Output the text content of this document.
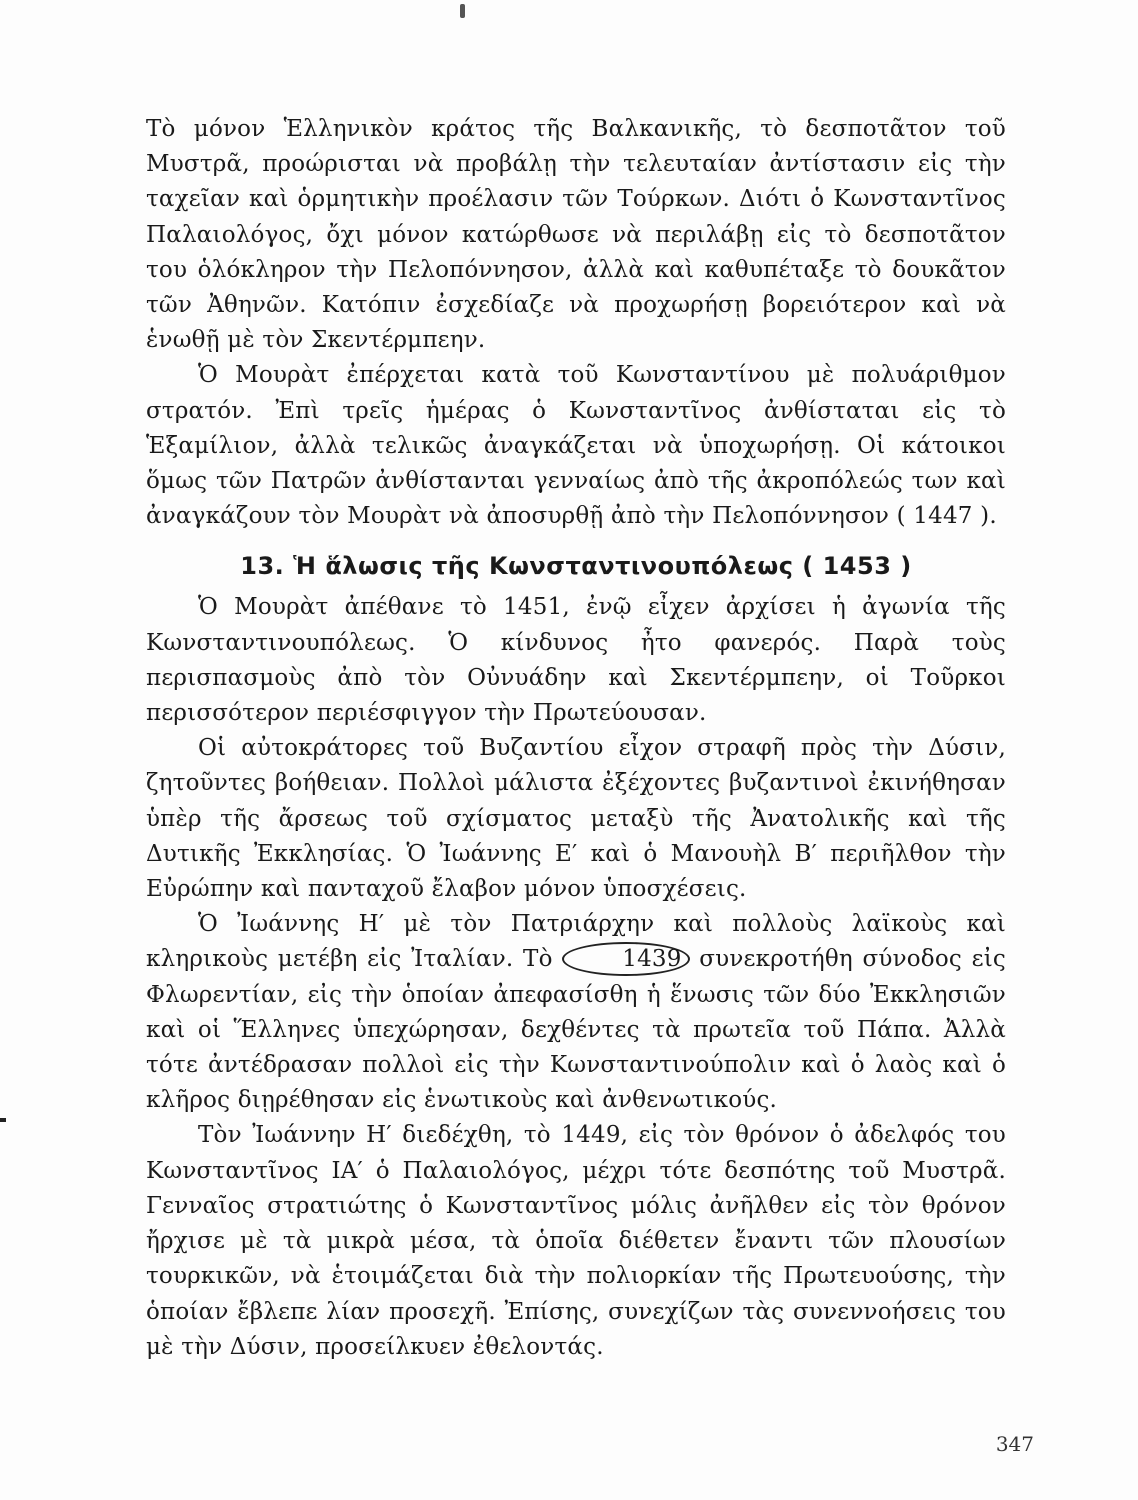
Τὸ μόνον Ἑλληνικὸν κράτος τῆς Βαλκανικῆς, τὸ δεσποτᾶτον τοῦ Μυστρᾶ, προώρισται νὰ προβάλῃ τὴν τελευταίαν ἀντίστασιν εἰς τὴν ταχεῖαν καὶ ὁρμητικὴν προέλασιν τῶν Τούρκων. Διότι ὁ Κωνσταντῖνος Παλαιολόγος, ὄχι μόνον κατώρθωσε νὰ περιλάβῃ εἰς τὸ δεσποτᾶτον του ὁλόκληρον τὴν Πελοπόννησον, ἀλλὰ καὶ καθυπέταξε τὸ δουκᾶτον τῶν Ἀθηνῶν. Κατόπιν ἐσχεδίαζε νὰ προχωρήσῃ βορειότερον καὶ νὰ ἑνωθῇ μὲ τὸν Σκεντέρμπεην.

Ὁ Μουρὰτ ἐπέρχεται κατὰ τοῦ Κωνσταντίνου μὲ πολυάριθμον στρατόν. Ἐπὶ τρεῖς ἡμέρας ὁ Κωνσταντῖνος ἀνθίσταται εἰς τὸ Ἑξαμίλιον, ἀλλὰ τελικῶς ἀναγκάζεται νὰ ὑποχωρήσῃ. Οἱ κάτοικοι ὅμως τῶν Πατρῶν ἀνθίστανται γενναίως ἀπὸ τῆς ἀκροπόλεώς των καὶ ἀναγκάζουν τὸν Μουρὰτ νὰ ἀποσυρθῇ ἀπὸ τὴν Πελοπόννησον ( 1447 ).

13. Ἡ ἅλωσις τῆς Κωνσταντινουπόλεως ( 1453 )

Ὁ Μουρὰτ ἀπέθανε τὸ 1451, ἐνῷ εἶχεν ἀρχίσει ἡ ἀγωνία τῆς Κωνσταντινουπόλεως. Ὁ κίνδυνος ἦτο φανερός. Παρὰ τοὺς περισπασμοὺς ἀπὸ τὸν Οὐνυάδην καὶ Σκεντέρμπεην, οἱ Τοῦρκοι περισσότερον περιέσφιγγον τὴν Πρωτεύουσαν.

Οἱ αὐτοκράτορες τοῦ Βυζαντίου εἶχον στραφῆ πρὸς τὴν Δύσιν, ζητοῦντες βοήθειαν. Πολλοὶ μάλιστα ἐξέχοντες βυζαντινοὶ ἐκινήθησαν ὑπὲρ τῆς ἄρσεως τοῦ σχίσματος μεταξὺ τῆς Ἀνατολικῆς καὶ τῆς Δυτικῆς Ἐκκλησίας. Ὁ Ἰωάννης Ε′ καὶ ὁ Μανουὴλ Β′ περιῆλθον τὴν Εὐρώπην καὶ πανταχοῦ ἔλαβον μόνον ὑποσχέσεις.

Ὁ Ἰωάννης Η′ μὲ τὸν Πατριάρχην καὶ πολλοὺς λαϊκοὺς καὶ κληρικοὺς μετέβη εἰς Ἰταλίαν. Τὸ	1439 συνεκροτήθη σύνοδος εἰς Φλωρεντίαν, εἰς τὴν ὁποίαν ἀπεφασίσθη ἡ ἕνωσις τῶν δύο Ἐκκλησιῶν καὶ οἱ Ἕλληνες ὑπεχώρησαν, δεχθέντες τὰ πρωτεῖα τοῦ Πάπα. Ἀλλὰ τότε ἀντέδρασαν πολλοὶ εἰς τὴν Κωνσταντινούπολιν καὶ ὁ λαὸς καὶ ὁ κλῆρος διῃρέθησαν εἰς ἑνωτικοὺς καὶ ἀνθενωτικούς.

Τὸν Ἰωάννην Η′ διεδέχθη, τὸ 1449, εἰς τὸν θρόνον ὁ ἀδελφός του Κωνσταντῖνος ΙΑ′ ὁ Παλαιολόγος, μέχρι τότε δεσπότης τοῦ Μυστρᾶ. Γενναῖος στρατιώτης ὁ Κωνσταντῖνος μόλις ἀνῆλθεν εἰς τὸν θρόνον ἤρχισε μὲ τὰ μικρὰ μέσα, τὰ ὁποῖα διέθετεν ἔναντι τῶν πλουσίων τουρκικῶν, νὰ ἑτοιμάζεται διὰ τὴν πολιορκίαν τῆς Πρωτευούσης, τὴν ὁποίαν ἔβλεπε λίαν προσεχῆ. Ἐπίσης, συνεχίζων τὰς συνεννοήσεις του μὲ τὴν Δύσιν, προσείλκυεν ἐθελοντάς.

347
